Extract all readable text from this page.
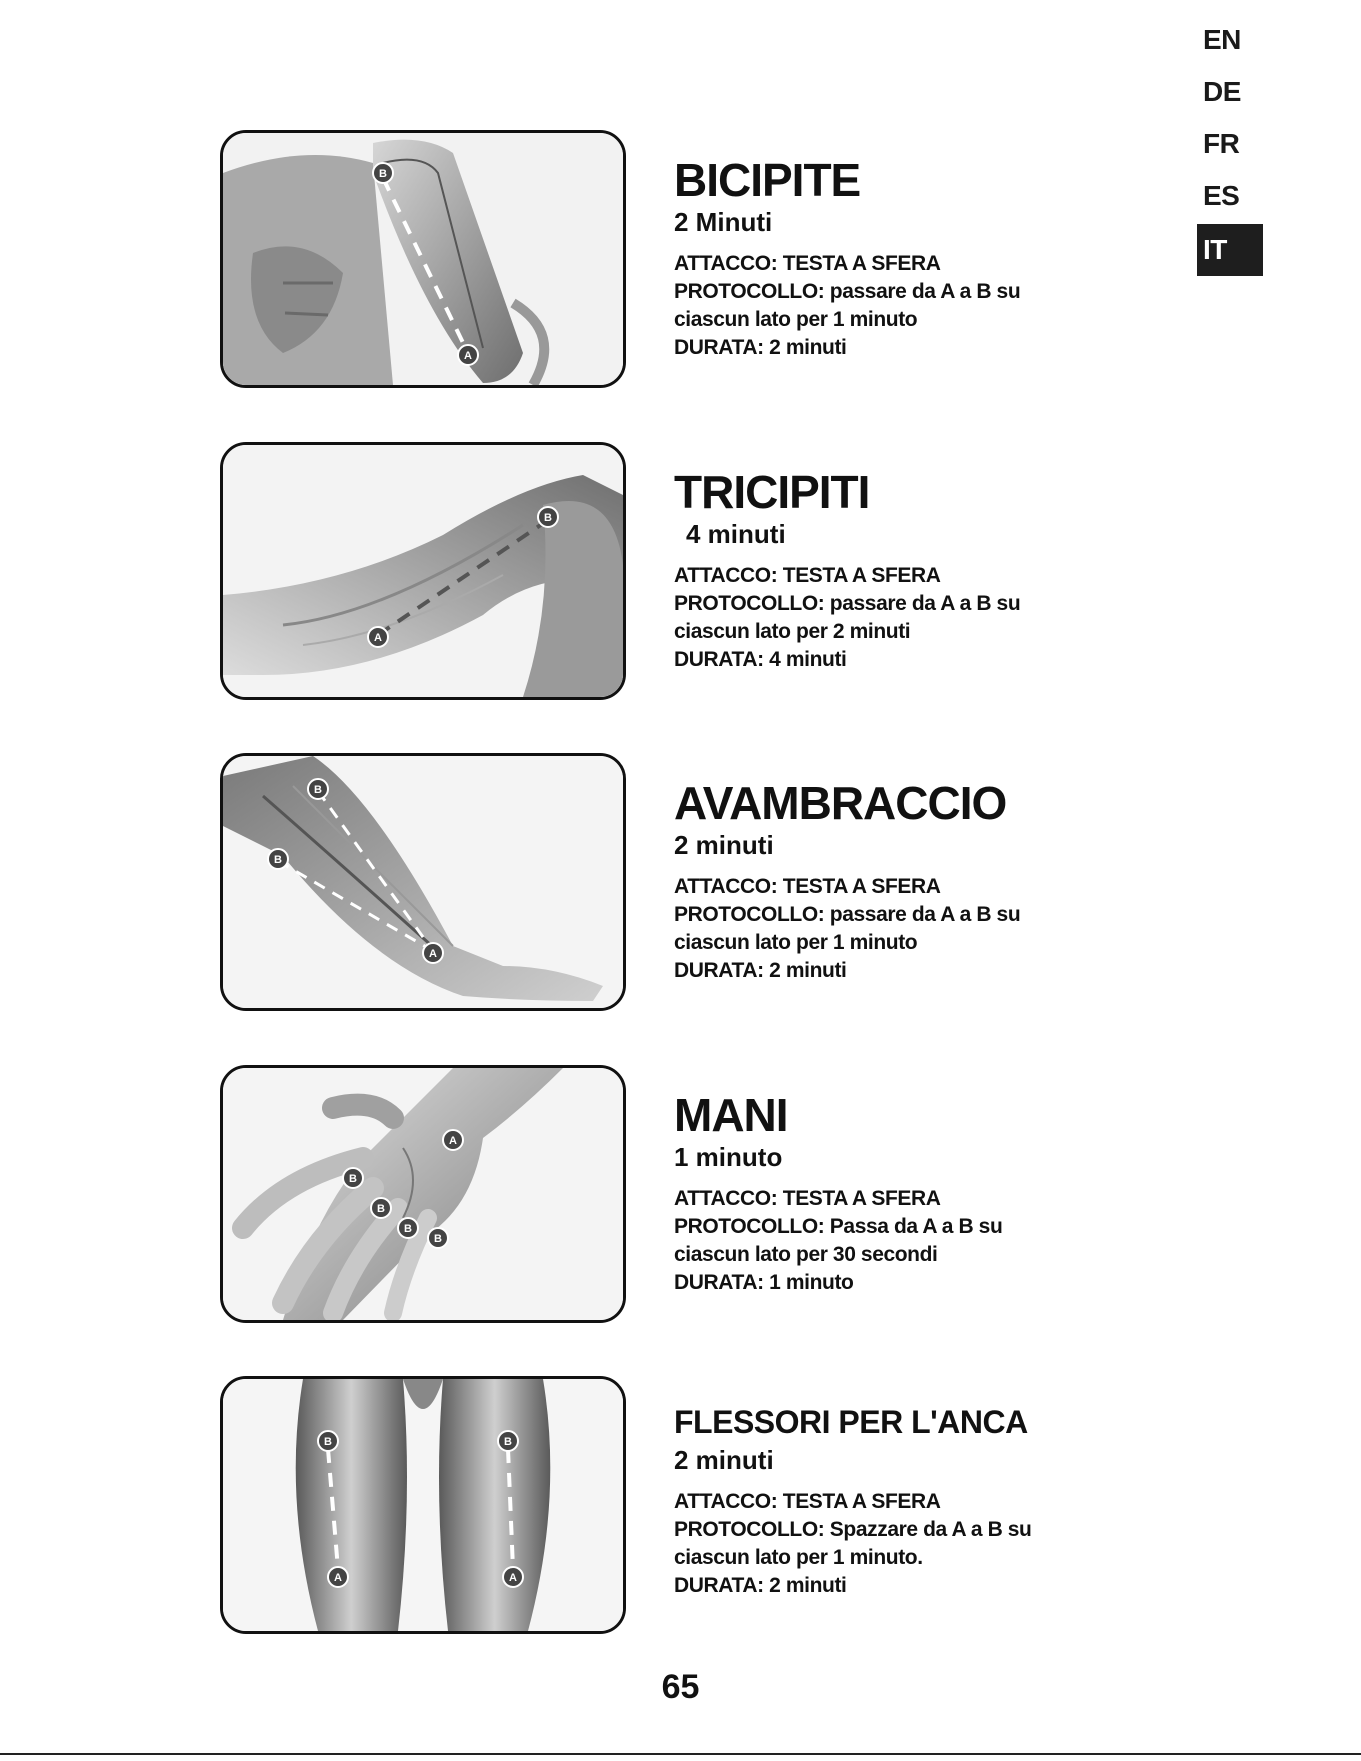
EN
DE
FR
ES
IT
B
A
BICIPITE
2 Minuti
ATTACCO: TESTA A SFERA
PROTOCOLLO: passare da A a B su
ciascun lato per 1 minuto
DURATA: 2 minuti
B
A
TRICIPITI
4 minuti
ATTACCO: TESTA A SFERA
PROTOCOLLO: passare da A a B su
ciascun lato per 2 minuti
DURATA: 4 minuti
B
B
A
AVAMBRACCIO
2 minuti
ATTACCO: TESTA A SFERA
PROTOCOLLO: passare da A a B su
ciascun lato per 1 minuto
DURATA: 2 minuti
A
B
B
B
B
MANI
1 minuto
ATTACCO: TESTA A SFERA
PROTOCOLLO: Passa da A a B su
ciascun lato per 30 secondi
DURATA: 1 minuto
B	B
A	A
FLESSORI PER L'ANCA
2 minuti
ATTACCO: TESTA A SFERA
PROTOCOLLO: Spazzare da A a B su
ciascun lato per 1 minuto.
DURATA: 2 minuti
65
